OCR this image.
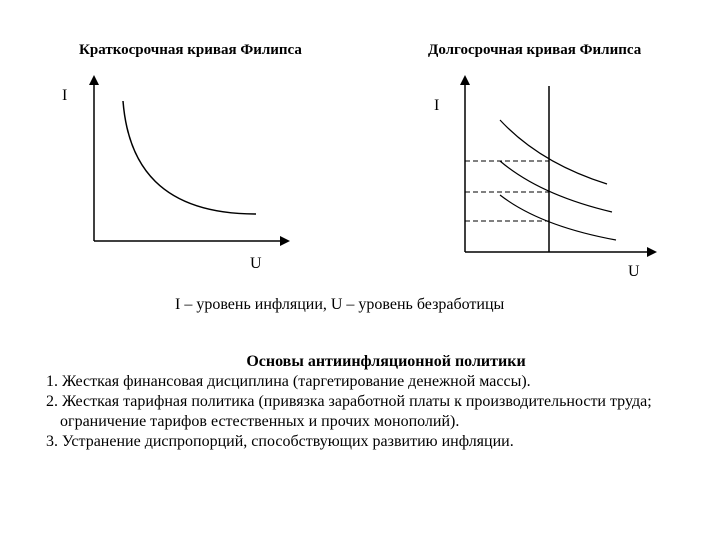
Краткосрочная кривая Филипса	Долгосрочная кривая Филипса
I
U
I
U
I – уровень инфляции, U – уровень безработицы
Основы антиинфляционной политики
1. Жесткая финансовая дисциплина (таргетирование денежной массы).
2. Жесткая тарифная политика (привязка заработной платы к производительности труда; ограничение тарифов естественных и прочих монополий).
3. Устранение диспропорций, способствующих развитию инфляции.
